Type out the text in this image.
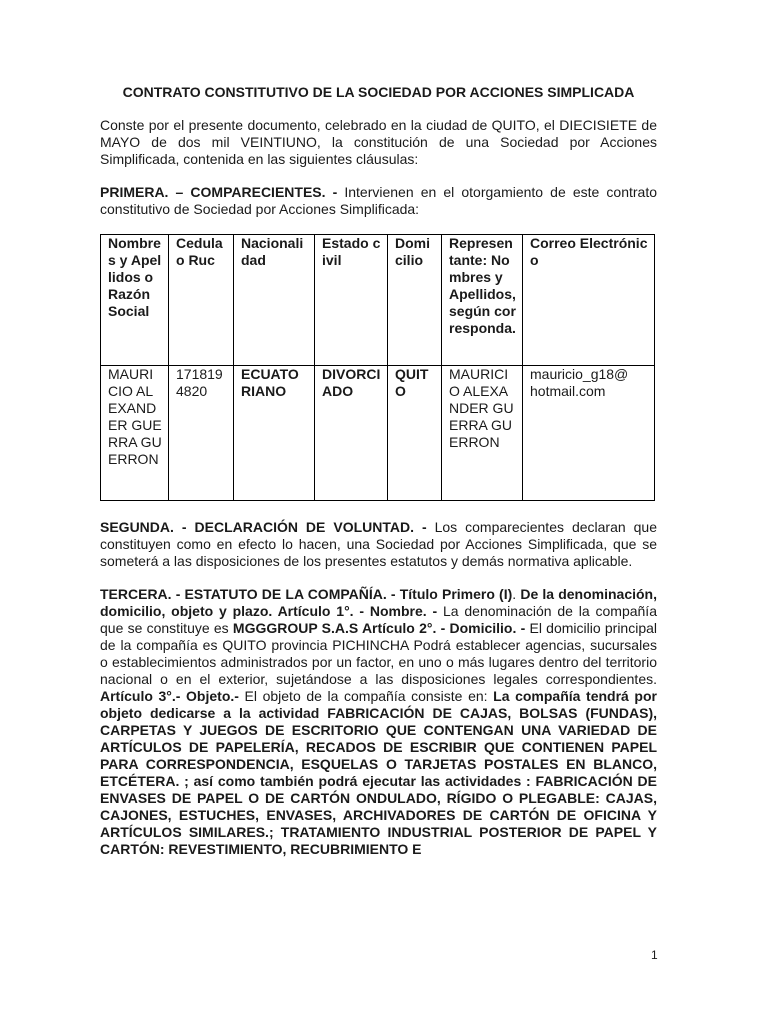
CONTRATO CONSTITUTIVO DE LA SOCIEDAD POR ACCIONES SIMPLICADA

Conste por el presente documento, celebrado en la ciudad de QUITO, el DIECISIETE de MAYO de dos mil VEINTIUNO, la constitución de una Sociedad por Acciones Simplificada, contenida en las siguientes cláusulas:

PRIMERA. – COMPARECIENTES. - Intervienen en el otorgamiento de este contrato constitutivo de Sociedad por Acciones Simplificada:

Nombres y Apellidos o Razón Social	Cedula o Ruc	Nacionalidad	Estado civil	Domicilio	Representante: Nombres y Apellidos, según corresponda.	Correo Electrónico
MAURICIO ALEXANDER GUERRA GUERRON	1718194820	ECUATORIANO	DIVORCIADO	QUITO	MAURICIO ALEXANDER GUERRA GUERRON	mauricio_g18@ hotmail.com

SEGUNDA. - DECLARACIÓN DE VOLUNTAD. - Los comparecientes declaran que constituyen como en efecto lo hacen, una Sociedad por Acciones Simplificada, que se someterá a las disposiciones de los presentes estatutos y demás normativa aplicable.

TERCERA. - ESTATUTO DE LA COMPAÑÍA. - Título Primero (I). De la denominación, domicilio, objeto y plazo. Artículo 1°. - Nombre. - La denominación de la compañía que se constituye es MGGGROUP S.A.S Artículo 2°. - Domicilio. - El domicilio principal de la compañía es QUITO provincia PICHINCHA Podrá establecer agencias, sucursales o establecimientos administrados por un factor, en uno o más lugares dentro del territorio nacional o en el exterior, sujetándose a las disposiciones legales correspondientes. Artículo 3°.- Objeto.- El objeto de la compañía consiste en: La compañía tendrá por objeto dedicarse a la actividad FABRICACIÓN DE CAJAS, BOLSAS (FUNDAS), CARPETAS Y JUEGOS DE ESCRITORIO QUE CONTENGAN UNA VARIEDAD DE ARTÍCULOS DE PAPELERÍA, RECADOS DE ESCRIBIR QUE CONTIENEN PAPEL PARA CORRESPONDENCIA, ESQUELAS O TARJETAS POSTALES EN BLANCO, ETCÉTERA. ; así como también podrá ejecutar las actividades : FABRICACIÓN DE ENVASES DE PAPEL O DE CARTÓN ONDULADO, RÍGIDO O PLEGABLE: CAJAS, CAJONES, ESTUCHES, ENVASES, ARCHIVADORES DE CARTÓN DE OFICINA Y ARTÍCULOS SIMILARES.; TRATAMIENTO INDUSTRIAL POSTERIOR DE PAPEL Y CARTÓN: REVESTIMIENTO, RECUBRIMIENTO E

1
